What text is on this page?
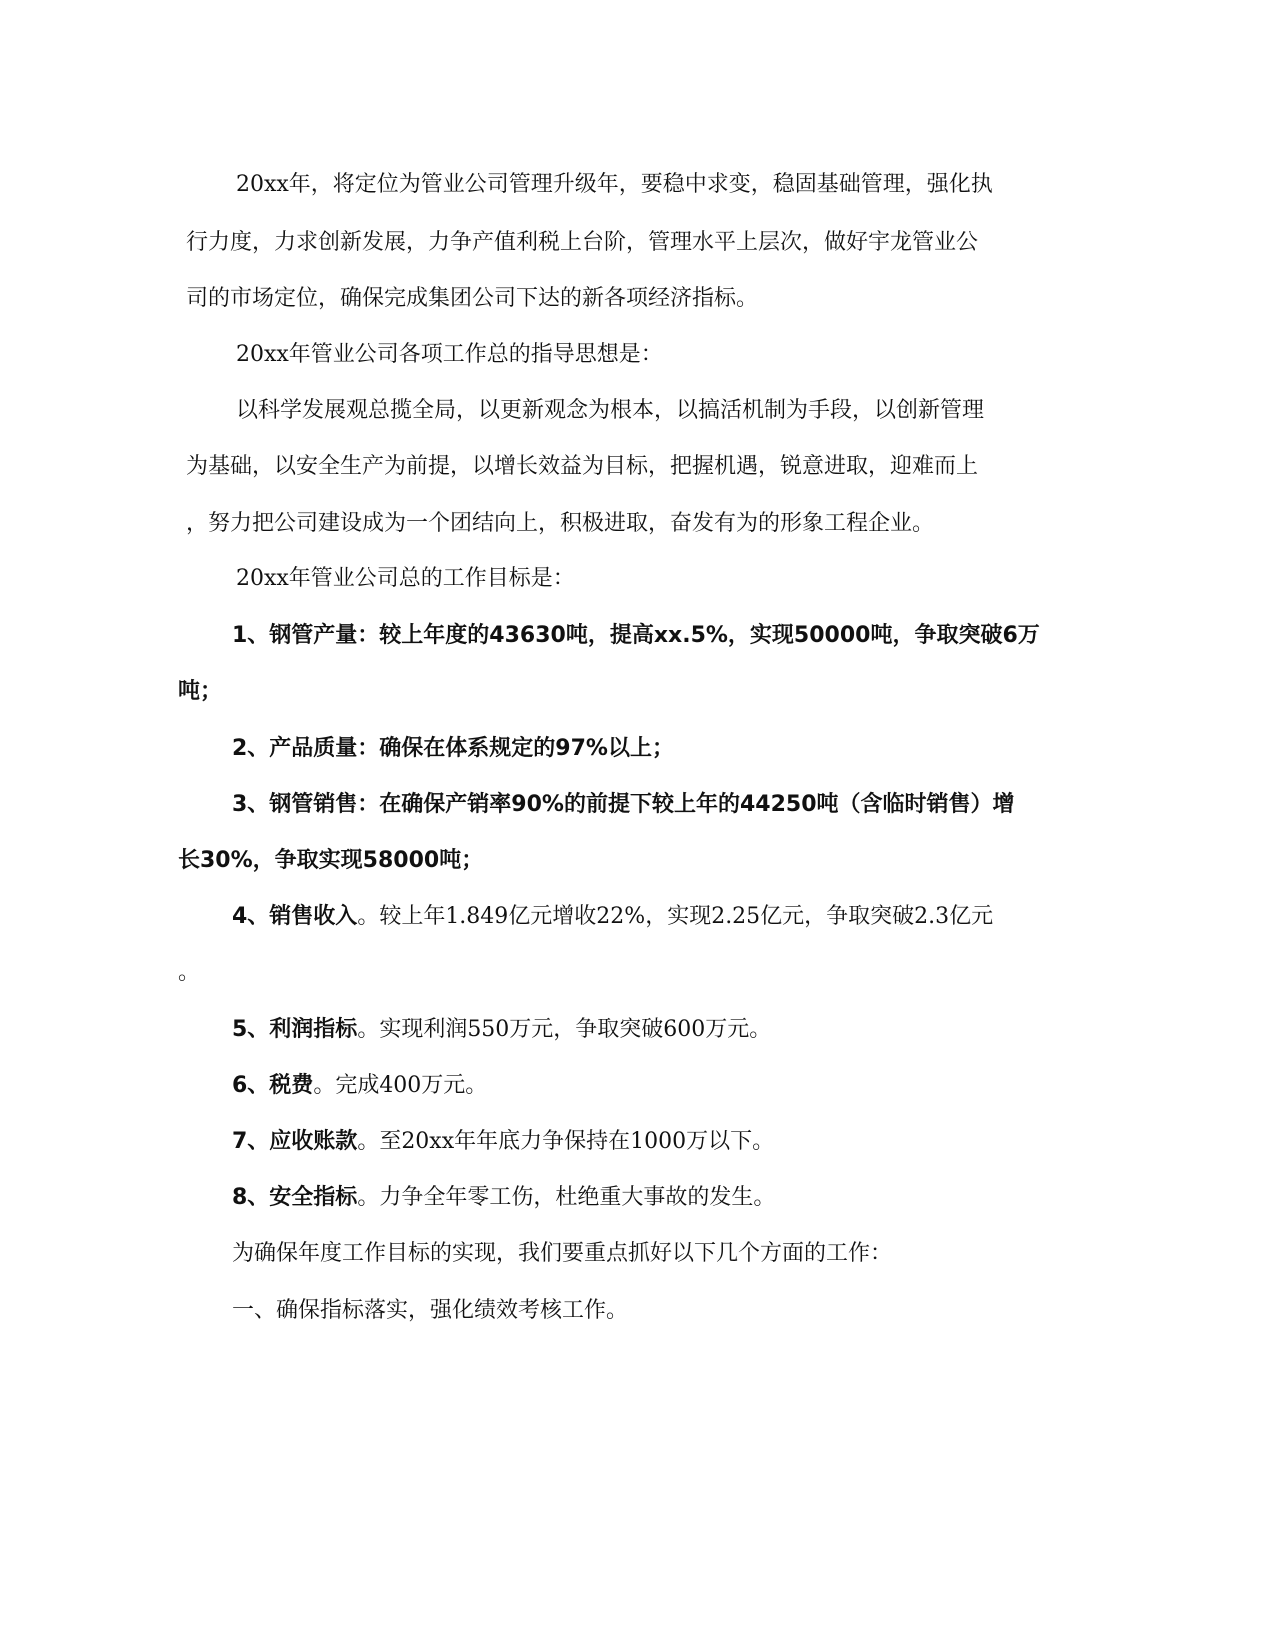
20xx年，将定位为管业公司管理升级年，要稳中求变，稳固基础管理，强化执

行力度，力求创新发展，力争产值利税上台阶，管理水平上层次，做好宇龙管业公

司的市场定位，确保完成集团公司下达的新各项经济指标。

20xx年管业公司各项工作总的指导思想是：

以科学发展观总揽全局，以更新观念为根本，以搞活机制为手段，以创新管理

为基础，以安全生产为前提，以增长效益为目标，把握机遇，锐意进取，迎难而上

，努力把公司建设成为一个团结向上，积极进取，奋发有为的形象工程企业。

20xx年管业公司总的工作目标是：

1、钢管产量：较上年度的43630吨，提高xx.5%，实现50000吨，争取突破6万

吨；

2、产品质量：确保在体系规定的97%以上；

3、钢管销售：在确保产销率90%的前提下较上年的44250吨（含临时销售）增

长30%，争取实现58000吨；

4、销售收入。较上年1.849亿元增收22%，实现2.25亿元，争取突破2.3亿元

。

5、利润指标。实现利润550万元，争取突破600万元。

6、税费。完成400万元。

7、应收账款。至20xx年年底力争保持在1000万以下。

8、安全指标。力争全年零工伤，杜绝重大事故的发生。

为确保年度工作目标的实现，我们要重点抓好以下几个方面的工作：

一、确保指标落实，强化绩效考核工作。
